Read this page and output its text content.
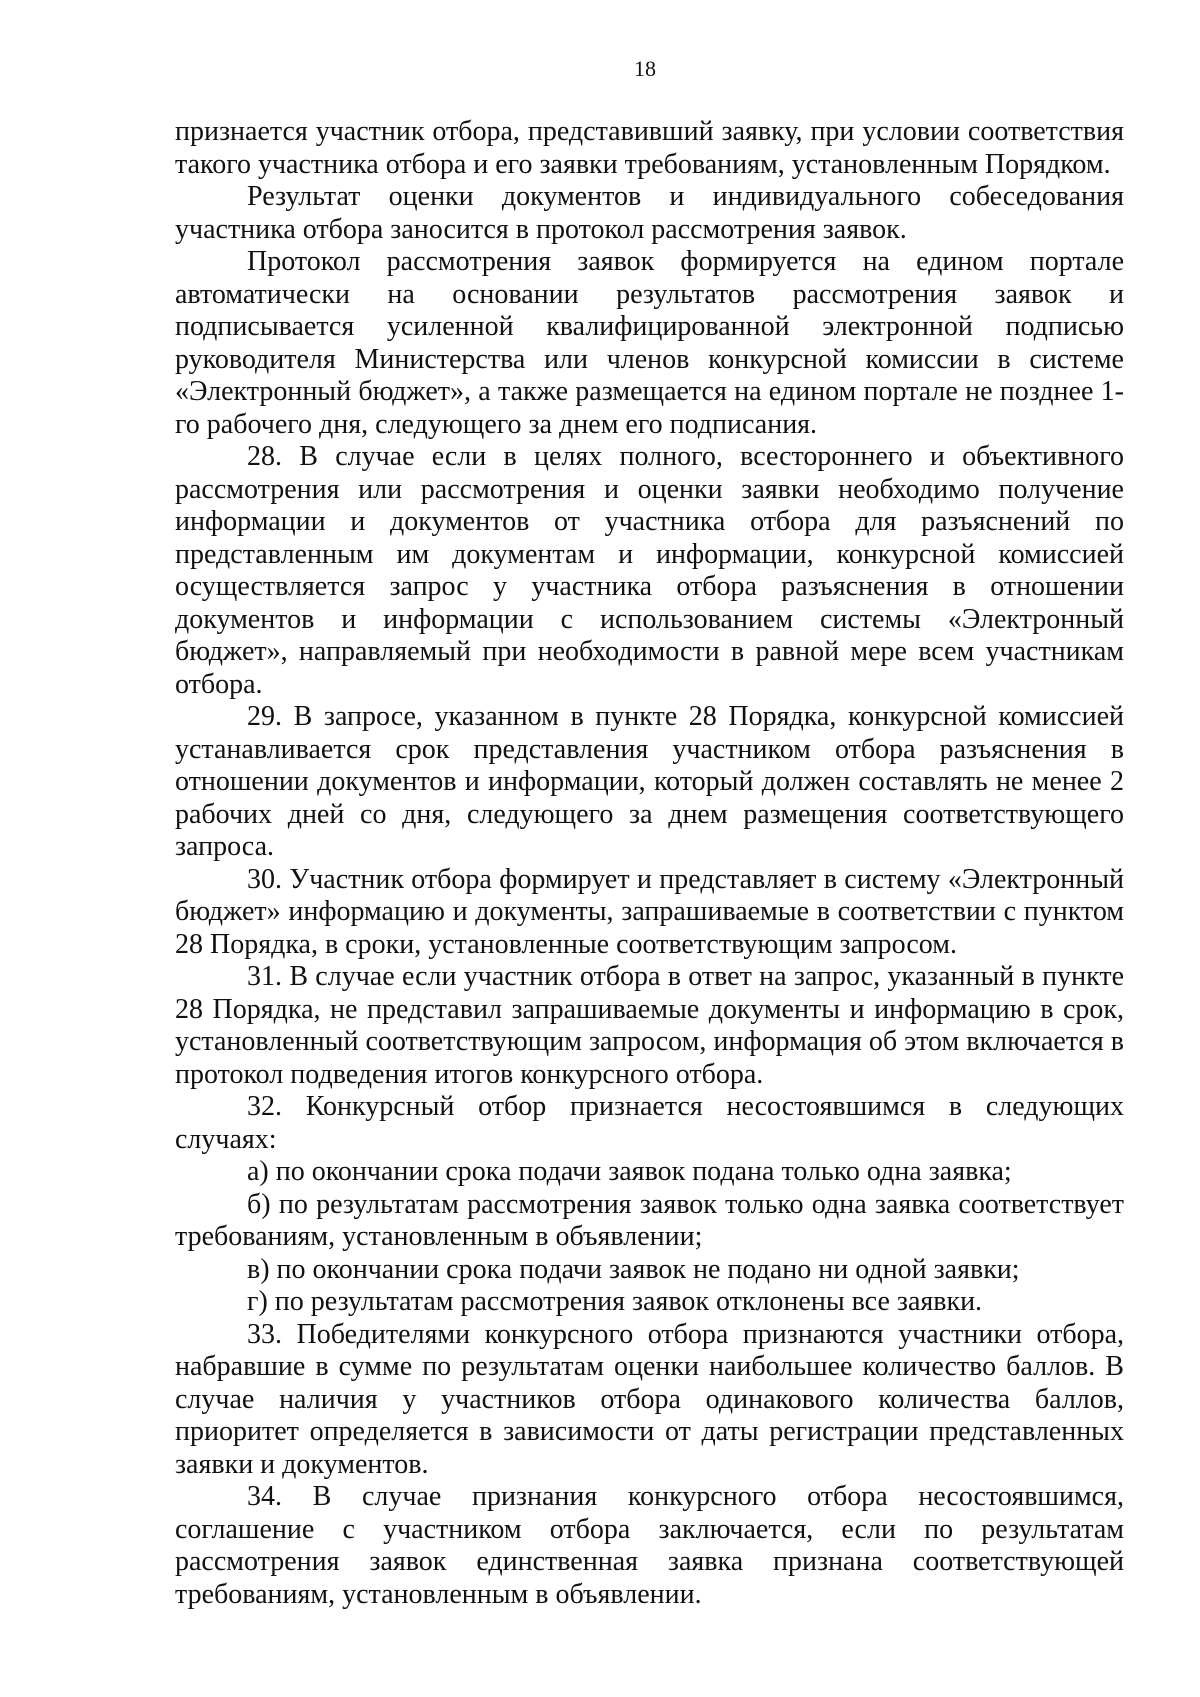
18

признается участник отбора, представивший заявку, при условии соответствия такого участника отбора и его заявки требованиям, установленным Порядком.

Результат оценки документов и индивидуального собеседования участника отбора заносится в протокол рассмотрения заявок.

Протокол рассмотрения заявок формируется на едином портале автоматически на основании результатов рассмотрения заявок и подписывается усиленной квалифицированной электронной подписью руководителя Министерства или членов конкурсной комиссии в системе «Электронный бюджет», а также размещается на едином портале не позднее 1-го рабочего дня, следующего за днем его подписания.

28. В случае если в целях полного, всестороннего и объективного рассмотрения или рассмотрения и оценки заявки необходимо получение информации и документов от участника отбора для разъяснений по представленным им документам и информации, конкурсной комиссией осуществляется запрос у участника отбора разъяснения в отношении документов и информации с использованием системы «Электронный бюджет», направляемый при необходимости в равной мере всем участникам отбора.

29. В запросе, указанном в пункте 28 Порядка, конкурсной комиссией устанавливается срок представления участником отбора разъяснения в отношении документов и информации, который должен составлять не менее 2 рабочих дней со дня, следующего за днем размещения соответствующего запроса.

30. Участник отбора формирует и представляет в систему «Электронный бюджет» информацию и документы, запрашиваемые в соответствии с пунктом 28 Порядка, в сроки, установленные соответствующим запросом.

31. В случае если участник отбора в ответ на запрос, указанный в пункте 28 Порядка, не представил запрашиваемые документы и информацию в срок, установленный соответствующим запросом, информация об этом включается в протокол подведения итогов конкурсного отбора.

32. Конкурсный отбор признается несостоявшимся в следующих случаях:

а) по окончании срока подачи заявок подана только одна заявка;

б) по результатам рассмотрения заявок только одна заявка соответствует требованиям, установленным в объявлении;

в) по окончании срока подачи заявок не подано ни одной заявки;

г) по результатам рассмотрения заявок отклонены все заявки.

33. Победителями конкурсного отбора признаются участники отбора, набравшие в сумме по результатам оценки наибольшее количество баллов. В случае наличия у участников отбора одинакового количества баллов, приоритет определяется в зависимости от даты регистрации представленных заявки и документов.

34. В случае признания конкурсного отбора несостоявшимся, соглашение с участником отбора заключается, если по результатам рассмотрения заявок единственная заявка признана соответствующей требованиям, установленным в объявлении.
